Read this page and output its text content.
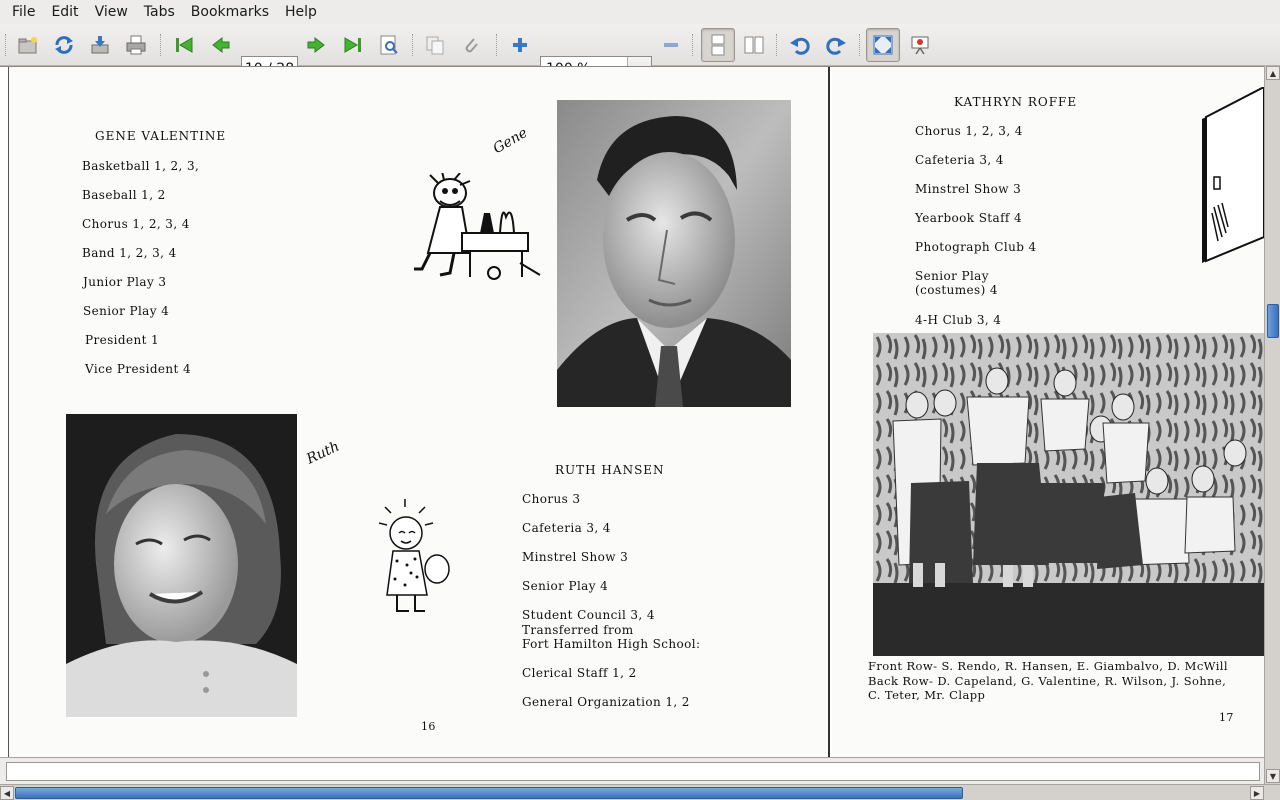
File	Edit	View	Tabs	Bookmarks	Help
GENE VALENTINE
Basketball 1, 2, 3,
Baseball 1, 2
Chorus 1, 2, 3, 4
Band 1, 2, 3, 4
Junior Play 3
Senior Play 4
President 1
Vice President 4
Gene
Ruth
RUTH HANSEN
Chorus 3
Cafeteria 3, 4
Minstrel Show 3
Senior Play 4
Student Council 3, 4
Transferred from
Fort Hamilton High School:
Clerical Staff 1, 2
General Organization 1, 2
16
KATHRYN ROFFE
Chorus 1, 2, 3, 4
Cafeteria 3, 4
Minstrel Show 3
Yearbook Staff 4
Photograph Club 4
Senior Play
(costumes) 4
4-H Club 3, 4
Front Row- S. Rendo, R. Hansen, E. Giambalvo, D. McWill
Back Row- D. Capeland, G. Valentine, R. Wilson, J. Sohne,
C. Teter, Mr. Clapp
17
▲
▼
◀	▶
